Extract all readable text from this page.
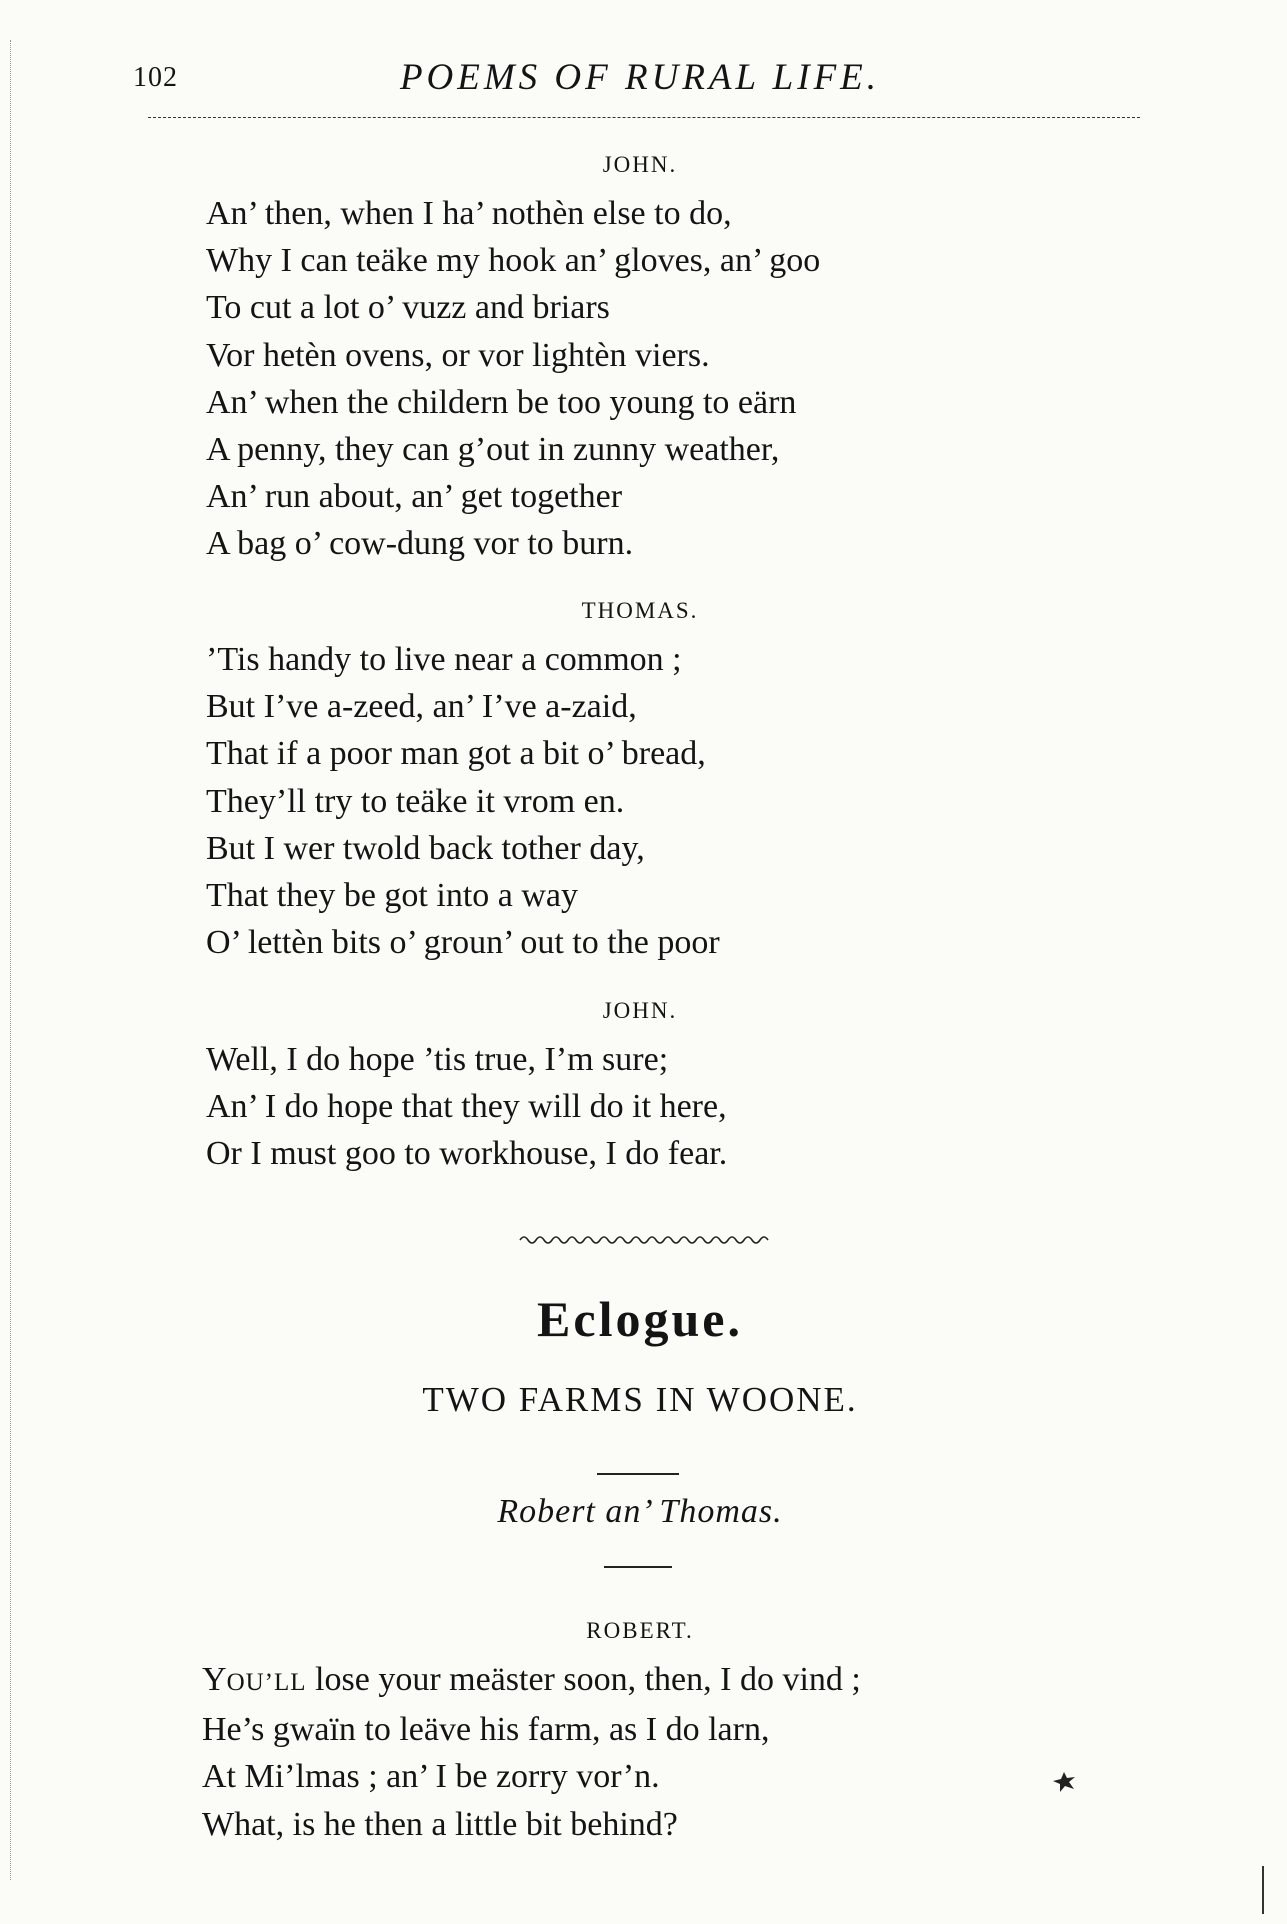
102	POEMS OF RURAL LIFE.
JOHN.
An’ then, when I ha’ nothèn else to do,
Why I can teäke my hook an’ gloves, an’ goo
To cut a lot o’ vuzz and briars
Vor hetèn ovens, or vor lightèn viers.
An’ when the childern be too young to eärn
A penny, they can g’out in zunny weather,
An’ run about, an’ get together
A bag o’ cow-dung vor to burn.
THOMAS.
’Tis handy to live near a common ;
But I’ve a-zeed, an’ I’ve a-zaid,
That if a poor man got a bit o’ bread,
They’ll try to teäke it vrom en.
But I wer twold back tother day,
That they be got into a way
O’ lettèn bits o’ groun’ out to the poor
JOHN.
Well, I do hope ’tis true, I’m sure;
An’ I do hope that they will do it here,
Or I must goo to workhouse, I do fear.
Eclogue.
TWO FARMS IN WOONE.
Robert an’ Thomas.
ROBERT.
YOU’LL lose your meäster soon, then, I do vind ;
He’s gwaïn to leäve his farm, as I do larn,
At Mi’lmas ; an’ I be zorry vor’n.
What, is he then a little bit behind?
